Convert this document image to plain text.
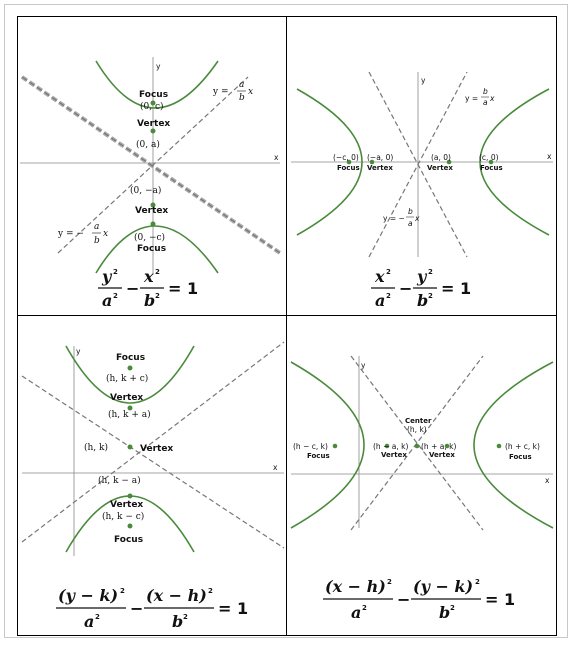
x
y
Focus
(0, c)
Vertex
(0, a)
(0, −a)
Vertex
(0, −c)
Focus
y =
a
b
x
y = −
a
b
x
y 2
a 2 −
x 2
b 2 = 1
x
y
(−c, 0)
Focus
(−a, 0)
Vertex
(a, 0)
Vertex
(c, 0)
Focus
y =
b
a x
y = −
b
a
x
x 2
a 2 −
y 2
b 2 = 1
x
y
Focus
(h, k + c)
Vertex
(h, k + a)
(h, k)	Vertex
(h, k − a)
Vertex
(h, k − c)
Focus
(y − k) 2
a 2 −
(x − h) 2
b 2 = 1
x
y
Center
(h, k)
(h − c, k)
Focus
(h − a, k)
Vertex
(h + a, k)
Vertex
(h + c, k)
Focus
(x − h) 2
a 2 −
(y − k) 2
b 2 = 1
